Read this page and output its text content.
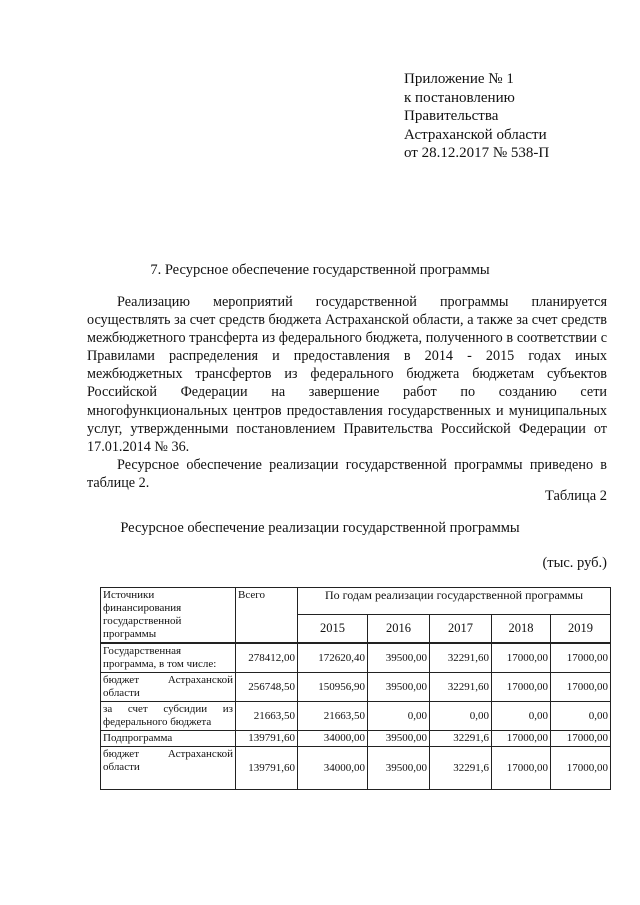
Приложение № 1
к постановлению
Правительства
Астраханской области
от 28.12.2017 № 538-П
7. Ресурсное обеспечение государственной программы

Реализацию мероприятий государственной программы планируется осуществлять за счет средств бюджета Астраханской области, а также за счет средств межбюджетного трансферта из федерального бюджета, полученного в соответствии с Правилами распределения и предоставления в 2014 - 2015 годах иных межбюджетных трансфертов из федерального бюджета бюджетам субъектов Российской Федерации на завершение работ по созданию сети многофункциональных центров предоставления государственных и муниципальных услуг, утвержденными постановлением Правительства Российской Федерации от 17.01.2014 № 36.

Ресурсное обеспечение реализации государственной программы приведено в таблице 2.

Таблица 2
Ресурсное обеспечение реализации государственной программы
(тыс. руб.)
Источники финансирования государственной программы	Всего	По годам реализации государственной программы				
		2015	2016	2017	2018	2019
Государственная программа, в том числе:	278412,00	172620,40	39500,00	32291,60	17000,00	17000,00
бюджет Астраханской области	256748,50	150956,90	39500,00	32291,60	17000,00	17000,00
за счет субсидии из федерального бюджета	21663,50	21663,50	0,00	0,00	0,00	0,00
Подпрограмма	139791,60	34000,00	39500,00	32291,6	17000,00	17000,00
бюджет Астраханской области	139791,60	34000,00	39500,00	32291,6	17000,00	17000,00
